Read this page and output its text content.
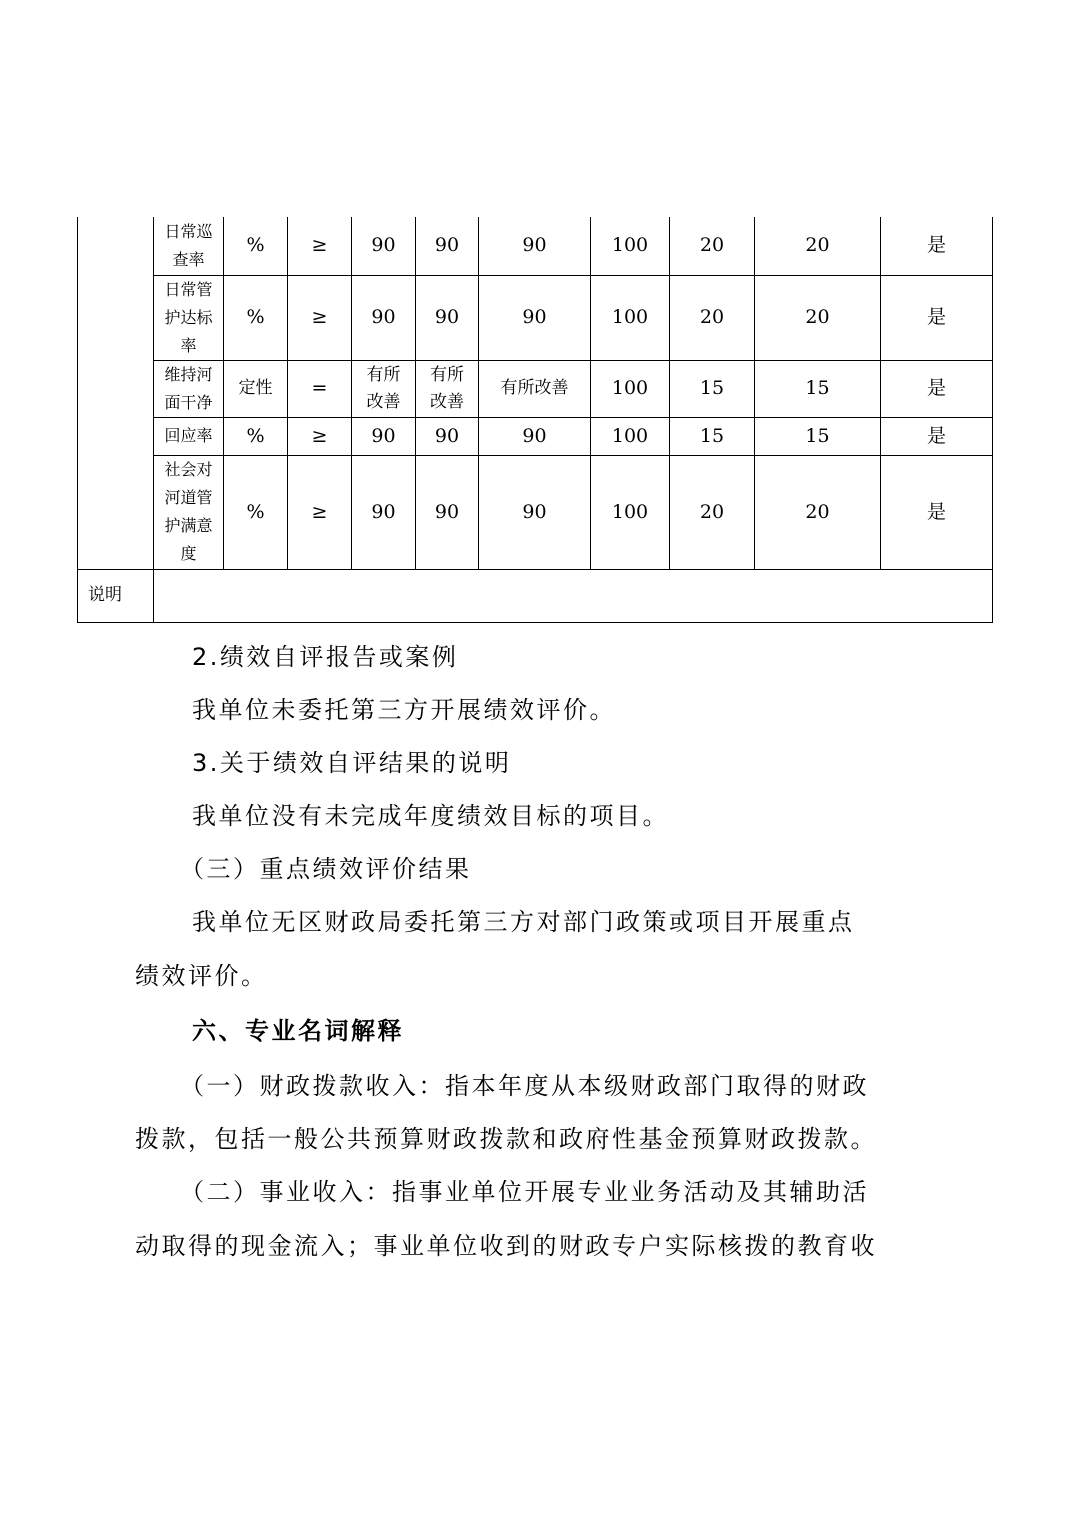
	日常巡查率	%	≥	90	90	90	100	20	20	是

	日常管护达标率	%	≥	90	90	90	100	20	20	是

	维持河面干净	定性	=	有所改善	有所改善	有所改善	100	15	15	是
	回应率	%	≥	90	90	90	100	15	15	是

	社会对河道管护满意度	%	≥	90	90	90	100	20	20	是
说明										

2.绩效自评报告或案例

我单位未委托第三方开展绩效评价。

3.关于绩效自评结果的说明

我单位没有未完成年度绩效目标的项目。

（三）重点绩效评价结果

我单位无区财政局委托第三方对部门政策或项目开展重点

绩效评价。

六、专业名词解释

（一）财政拨款收入：指本年度从本级财政部门取得的财政

拨款，包括一般公共预算财政拨款和政府性基金预算财政拨款。

（二）事业收入：指事业单位开展专业业务活动及其辅助活

动取得的现金流入；事业单位收到的财政专户实际核拨的教育收
